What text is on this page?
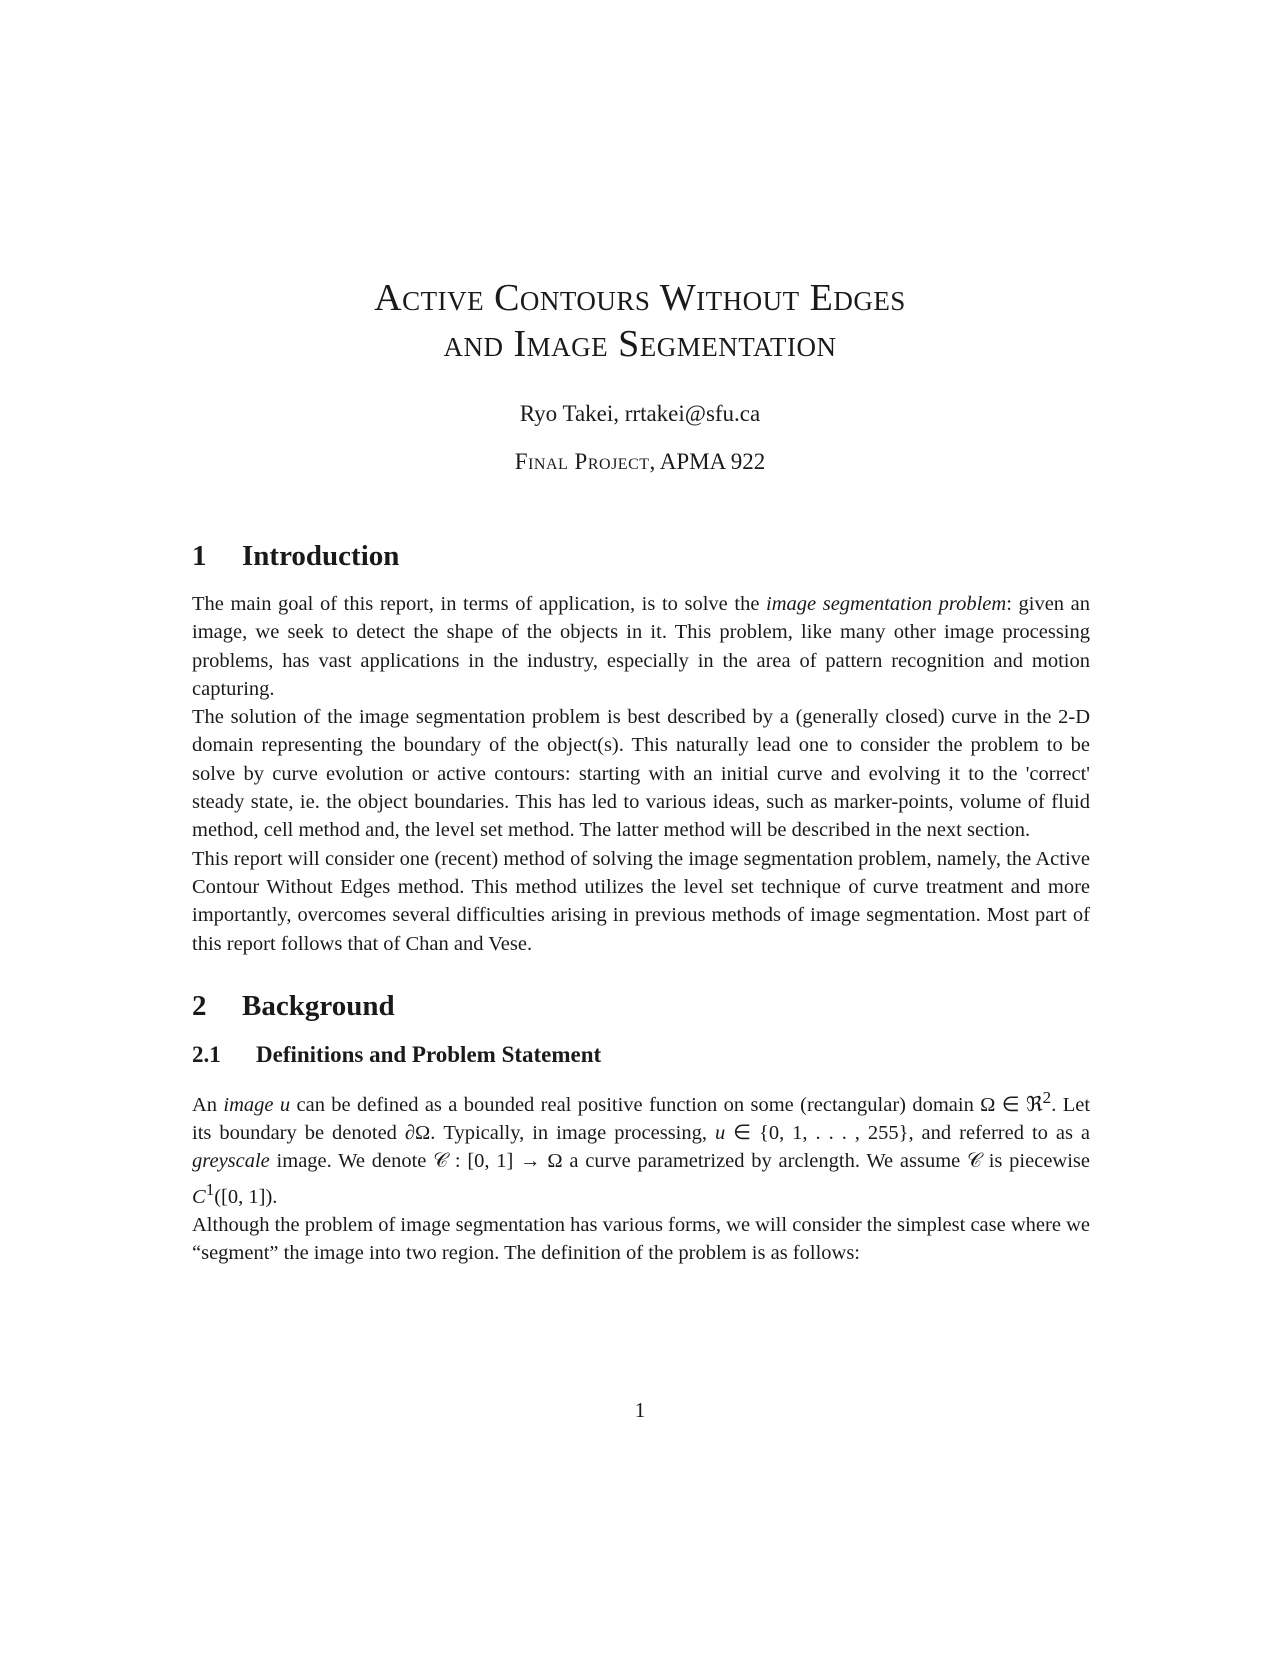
Active Contours Without Edges
and Image Segmentation
Ryo Takei, rrtakei@sfu.ca
Final Project, APMA 922
1 Introduction

The main goal of this report, in terms of application, is to solve the image segmentation problem: given an image, we seek to detect the shape of the objects in it. This problem, like many other image processing problems, has vast applications in the industry, especially in the area of pattern recognition and motion capturing.

The solution of the image segmentation problem is best described by a (generally closed) curve in the 2-D domain representing the boundary of the object(s). This naturally lead one to consider the problem to be solve by curve evolution or active contours: starting with an initial curve and evolving it to the 'correct' steady state, ie. the object boundaries. This has led to various ideas, such as marker-points, volume of fluid method, cell method and, the level set method. The latter method will be described in the next section.

This report will consider one (recent) method of solving the image segmentation problem, namely, the Active Contour Without Edges method. This method utilizes the level set technique of curve treatment and more importantly, overcomes several difficulties arising in previous methods of image segmentation. Most part of this report follows that of Chan and Vese.

2 Background
2.1 Definitions and Problem Statement

An image u can be defined as a bounded real positive function on some (rectangular) domain Ω ∈ ℜ$^2$. Let its boundary be denoted ∂Ω. Typically, in image processing, u ∈ {0, 1, . . . , 255}, and referred to as a greyscale image. We denote 𝒞 : [0, 1] → Ω a curve parametrized by arclength. We assume 𝒞 is piecewise $C^1([0$, 1]).

Although the problem of image segmentation has various forms, we will consider the simplest case where we “segment” the image into two region. The definition of the problem is as follows:

1
